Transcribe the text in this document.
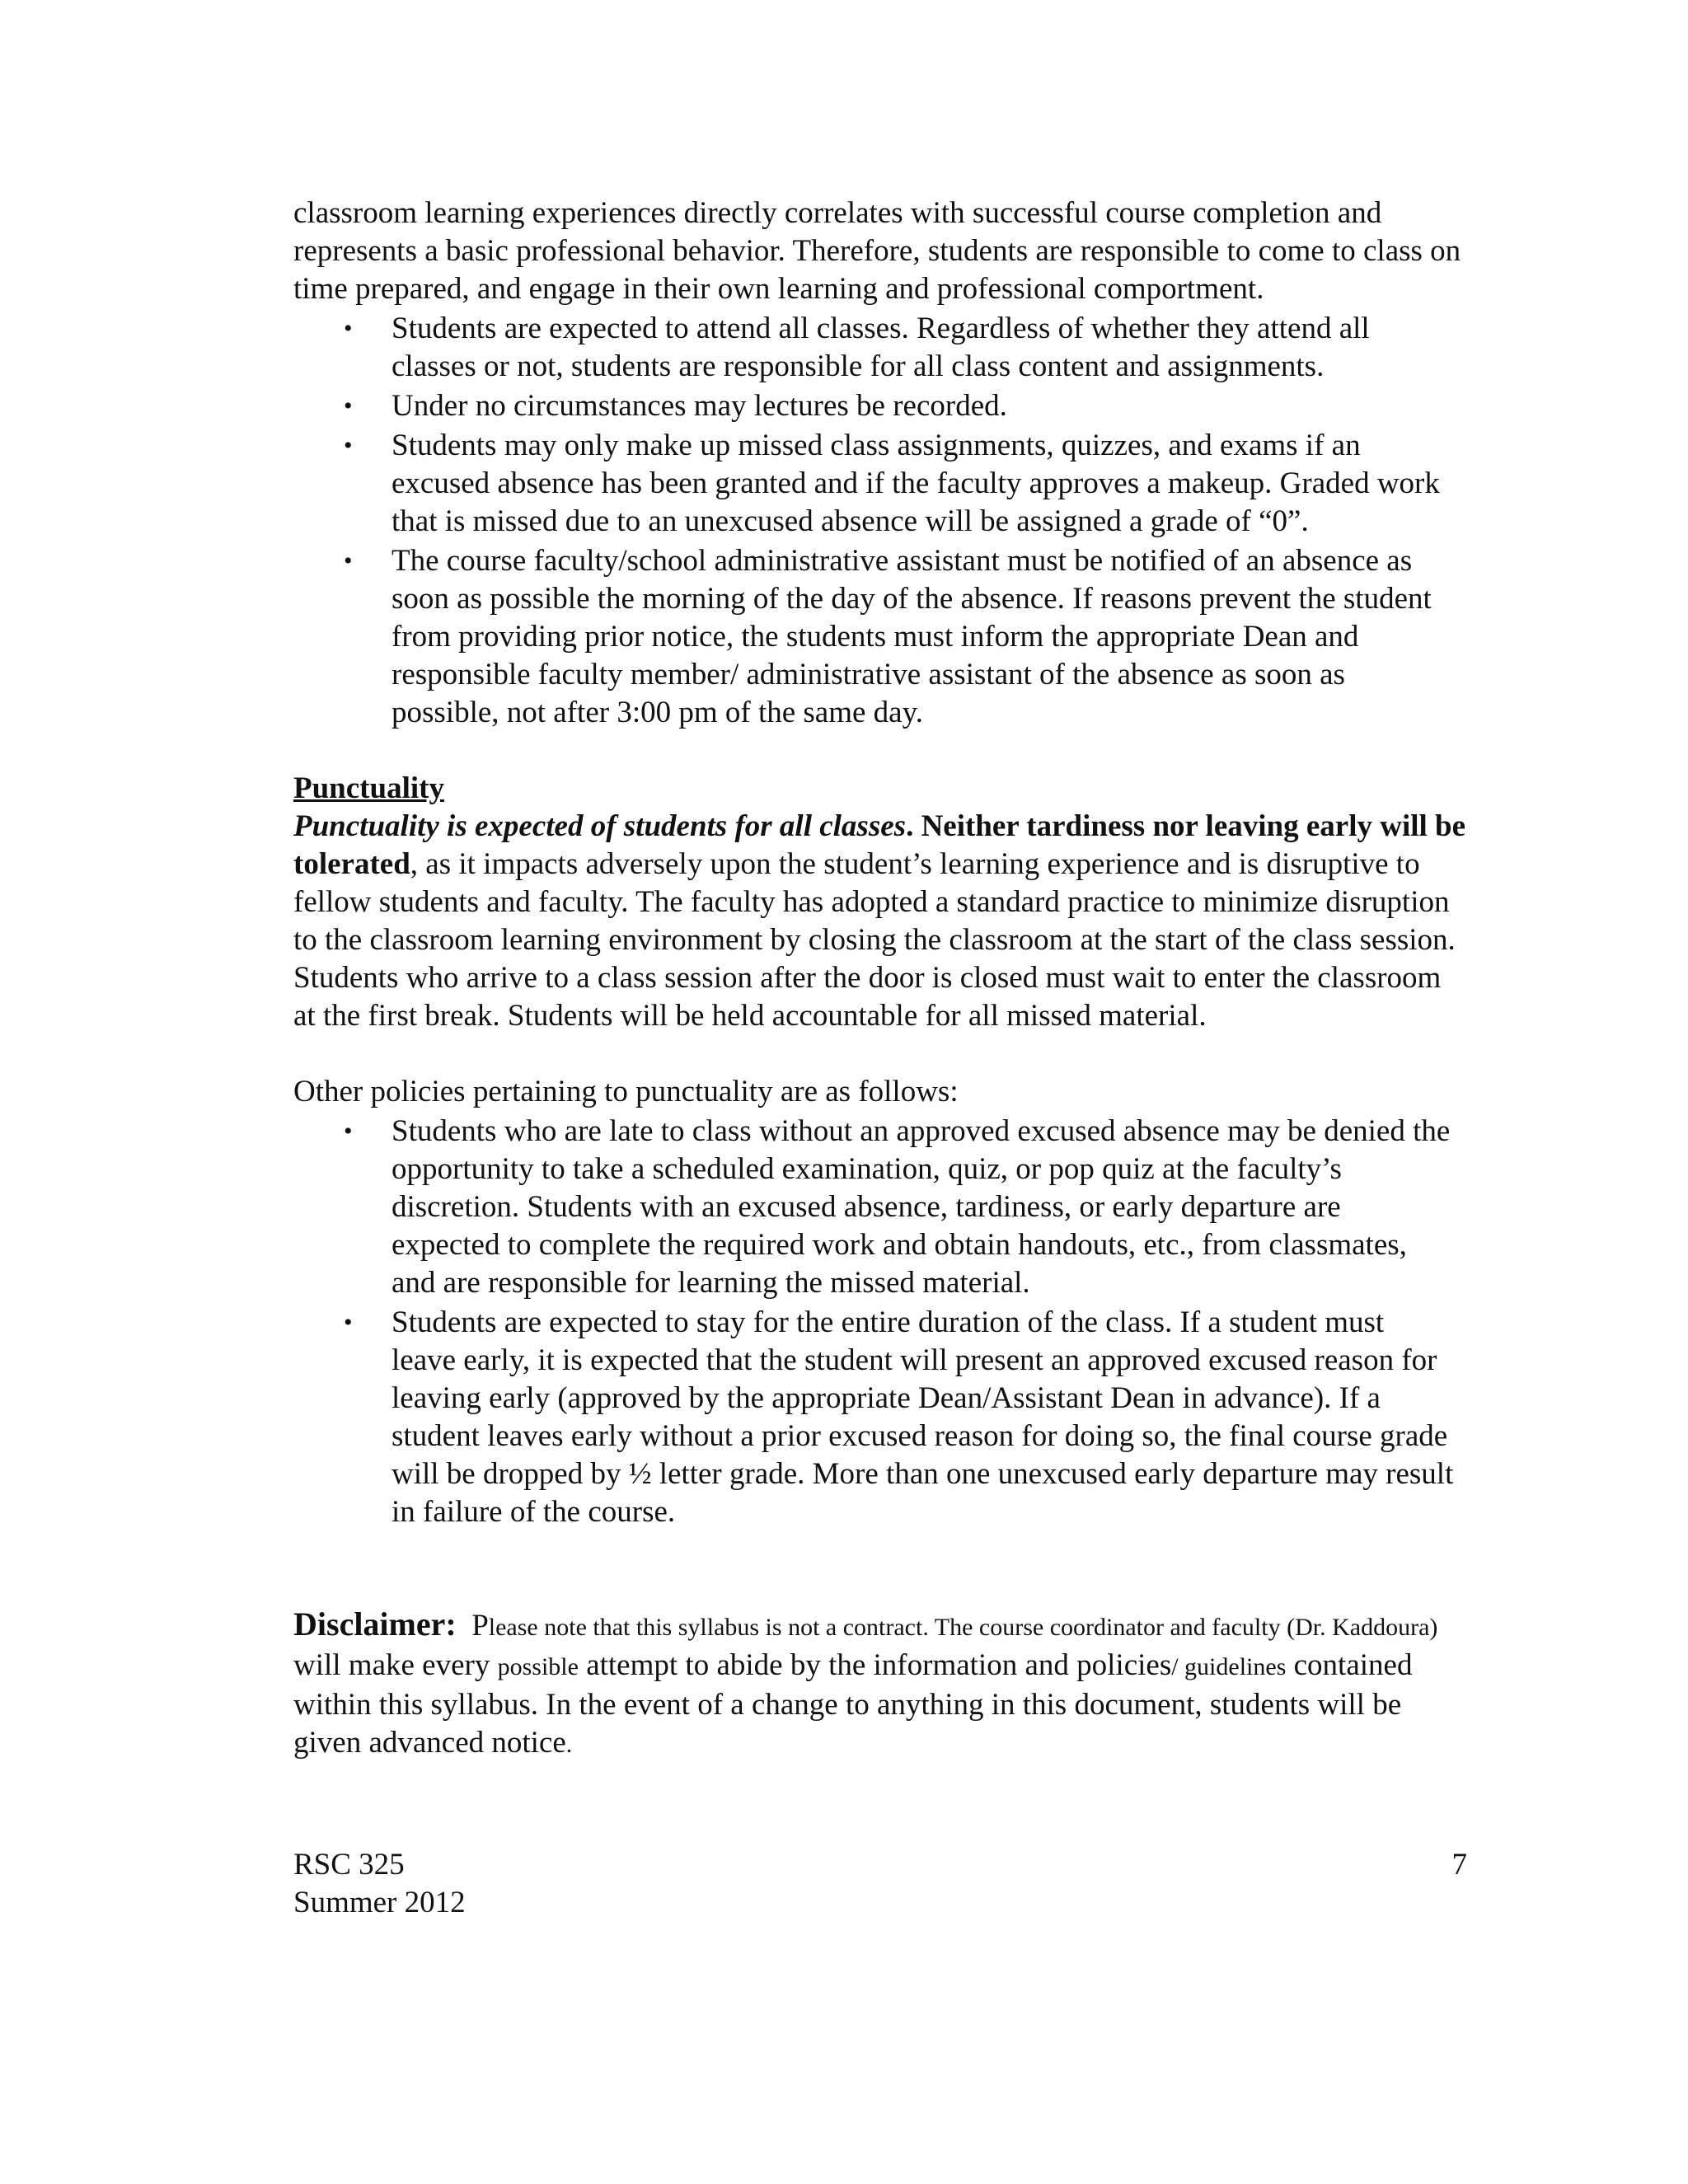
classroom learning experiences directly correlates with successful course completion and represents a basic professional behavior. Therefore, students are responsible to come to class on time prepared, and engage in their own learning and professional comportment.

• Students are expected to attend all classes. Regardless of whether they attend all classes or not, students are responsible for all class content and assignments.
• Under no circumstances may lectures be recorded.
• Students may only make up missed class assignments, quizzes, and exams if an excused absence has been granted and if the faculty approves a makeup. Graded work that is missed due to an unexcused absence will be assigned a grade of “0”.
• The course faculty/school administrative assistant must be notified of an absence as soon as possible the morning of the day of the absence. If reasons prevent the student from providing prior notice, the students must inform the appropriate Dean and responsible faculty member/ administrative assistant of the absence as soon as possible, not after 3:00 pm of the same day.

Punctuality

Punctuality is expected of students for all classes. Neither tardiness nor leaving early will be tolerated, as it impacts adversely upon the student’s learning experience and is disruptive to fellow students and faculty. The faculty has adopted a standard practice to minimize disruption to the classroom learning environment by closing the classroom at the start of the class session. Students who arrive to a class session after the door is closed must wait to enter the classroom at the first break. Students will be held accountable for all missed material.

Other policies pertaining to punctuality are as follows:

• Students who are late to class without an approved excused absence may be denied the opportunity to take a scheduled examination, quiz, or pop quiz at the faculty’s discretion. Students with an excused absence, tardiness, or early departure are expected to complete the required work and obtain handouts, etc., from classmates, and are responsible for learning the missed material.
• Students are expected to stay for the entire duration of the class. If a student must leave early, it is expected that the student will present an approved excused reason for leaving early (approved by the appropriate Dean/Assistant Dean in advance). If a student leaves early without a prior excused reason for doing so, the final course grade will be dropped by ½ letter grade. More than one unexcused early departure may result in failure of the course.

Disclaimer: Please note that this syllabus is not a contract. The course coordinator and faculty (Dr. Kaddoura) will make every possible attempt to abide by the information and policies/ guidelines contained within this syllabus. In the event of a change to anything in this document, students will be given advanced notice.

RSC 325
Summer 2012
7
